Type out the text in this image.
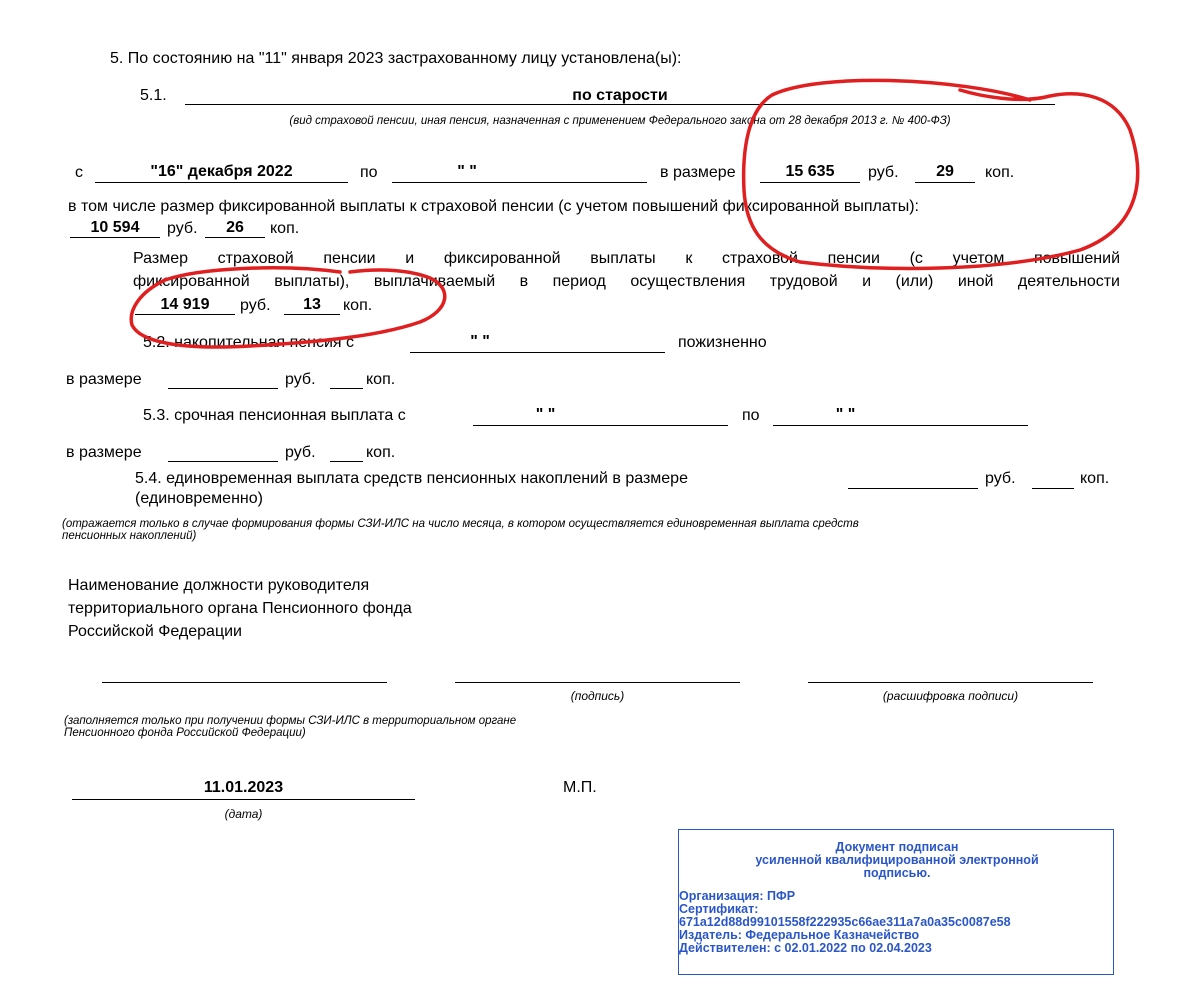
5. По состоянию на "11" января 2023 застрахованному лицу установлена(ы):
5.1.	по старости
(вид страховой пенсии, иная пенсия, назначенная с применением Федерального закона от 28 декабря 2013 г. № 400-ФЗ)
с	"16" декабря 2022	по	" "	в размере	15 635	руб.	29	коп.
в том числе размер фиксированной выплаты к страховой пенсии (с учетом повышений фиксированной выплаты):
10 594	руб.	26	коп.
Размер страховой пенсии и фиксированной выплаты к страховой пенсии (с учетом повышений
фиксированной выплаты), выплачиваемый в период осуществления трудовой и (или) иной деятельности
14 919	руб.	13	коп.
5.2. накопительная пенсия с	" "	пожизненно
в размере	руб.	коп.
5.3. срочная пенсионная выплата с	" "	по	" "
в размере	руб.	коп.
5.4. единовременная выплата средств пенсионных накоплений в размере	руб.	коп.
(единовременно)
(отражается только в случае формирования формы СЗИ-ИЛС на число месяца, в котором осуществляется единовременная выплата средств пенсионных накоплений)
Наименование должности руководителя
территориального органа Пенсионного фонда
Российской Федерации
(подпись)	(расшифровка подписи)
(заполняется только при получении формы СЗИ-ИЛС в территориальном органе Пенсионного фонда Российской Федерации)
11.01.2023
(дата)
М.П.
Документ подписан
усиленной квалифицированной электронной
подписью.
Организация: ПФР
Сертификат:
671a12d88d99101558f222935c66ae311a7a0a35c0087e58
Издатель: Федеральное Казначейство
Действителен: с 02.01.2022 по 02.04.2023
